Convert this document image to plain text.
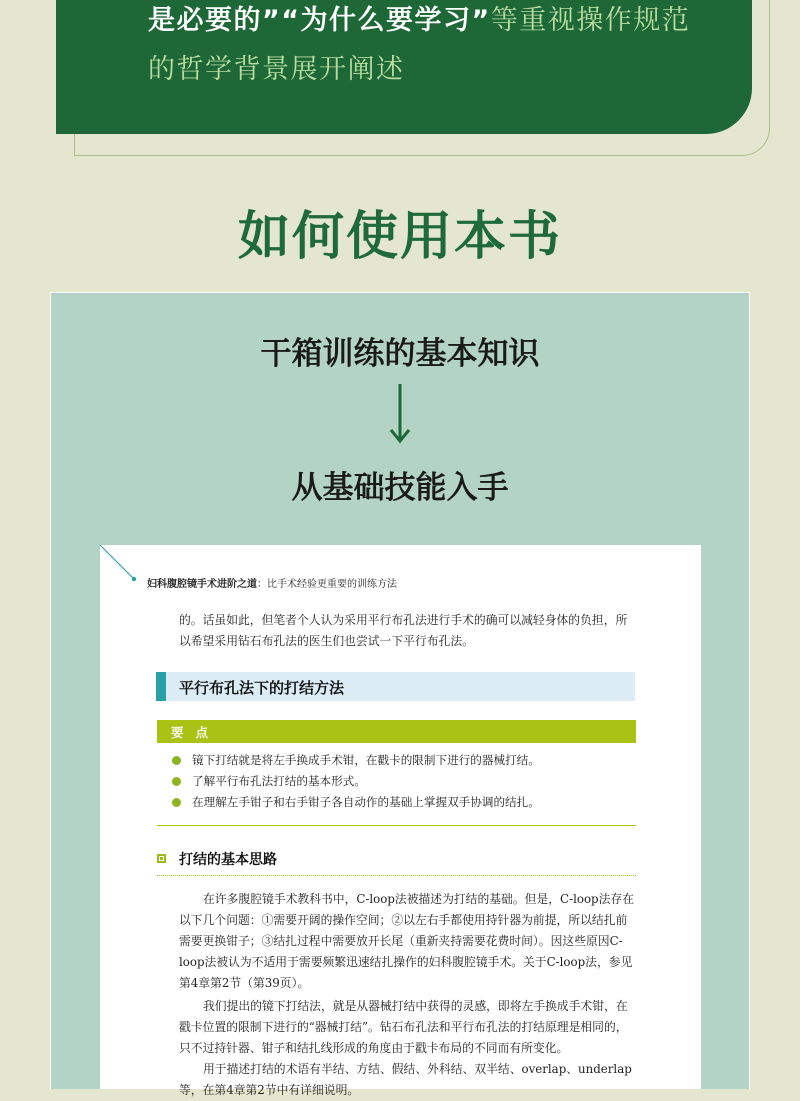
是必要的”“为什么要学习”等重视操作规范
的哲学背景展开阐述
如何使用本书
干箱训练的基本知识
从基础技能入手
妇科腹腔镜手术进阶之道：比手术经验更重要的训练方法
的。话虽如此，但笔者个人认为采用平行布孔法进行手术的确可以减轻身体的负担，所以希望采用钻石布孔法的医生们也尝试一下平行布孔法。
平行布孔法下的打结方法
要点
镜下打结就是将左手换成手术钳，在戳卡的限制下进行的器械打结。
了解平行布孔法打结的基本形式。
在理解左手钳子和右手钳子各自动作的基础上掌握双手协调的结扎。
打结的基本思路
在许多腹腔镜手术教科书中，C-loop法被描述为打结的基础。但是，C-loop法存在以下几个问题：①需要开阔的操作空间；②以左右手都使用持针器为前提，所以结扎前需要更换钳子；③结扎过程中需要放开长尾（重新夹持需要花费时间）。因这些原因C-loop法被认为不适用于需要频繁迅速结扎操作的妇科腹腔镜手术。关于C-loop法，参见第4章第2节（第39页）。
我们提出的镜下打结法，就是从器械打结中获得的灵感，即将左手换成手术钳，在戳卡位置的限制下进行的“器械打结”。钻石布孔法和平行布孔法的打结原理是相同的，只不过持针器、钳子和结扎线形成的角度由于戳卡布局的不同而有所变化。
用于描述打结的术语有半结、方结、假结、外科结、双半结、overlap、underlap等，在第4章第2节中有详细说明。
